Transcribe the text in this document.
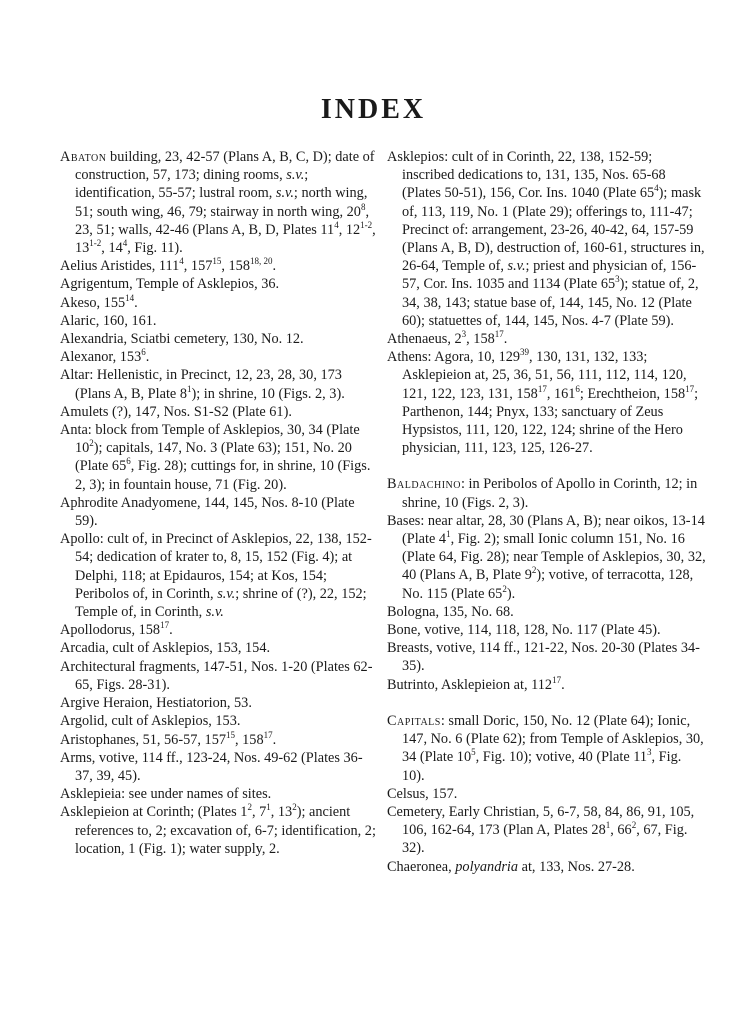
INDEX

Abaton building, 23, 42-57 (Plans A, B, C, D); date of construction, 57, 173; dining rooms, s.v.; identification, 55-57; lustral room, s.v.; north wing, 51; south wing, 46, 79; stairway in north wing, $20^8$, 23, 51; walls, 42-46 (Plans A, B, D, Plates $11^4$, 12$^{1-2}$, 13$^{1-2}$, $14^4$, Fig. 11).

Aelius Aristides, $111^4$, $157^{15}$, 158$^{18, 20}$.

Agrigentum, Temple of Asklepios, 36.

Akeso, $155^{14}$.

Alaric, 160, 161.

Alexandria, Sciatbi cemetery, 130, No. 12.

Alexanor, $153^6$.

Altar: Hellenistic, in Precinct, 12, 23, 28, 30, 173 (Plans A, B, Plate $8^1$); in shrine, 10 (Figs. 2, 3).

Amulets (?), 147, Nos. S1-S2 (Plate 61).

Anta: block from Temple of Asklepios, 30, 34 (Plate $10^2$); capitals, 147, No. 3 (Plate 63); 151, No. 20 (Plate $65^6$, Fig. 28); cuttings for, in shrine, 10 (Figs. 2, 3); in fountain house, 71 (Fig. 20).

Aphrodite Anadyomene, 144, 145, Nos. 8-10 (Plate 59).

Apollo: cult of, in Precinct of Asklepios, 22, 138, 152-54; dedication of krater to, 8, 15, 152 (Fig. 4); at Delphi, 118; at Epidauros, 154; at Kos, 154; Peribolos of, in Corinth, s.v.; shrine of (?), 22, 152; Temple of, in Corinth, s.v.

Apollodorus, $158^{17}$.

Arcadia, cult of Asklepios, 153, 154.

Architectural fragments, 147-51, Nos. 1-20 (Plates 62-65, Figs. 28-31).

Argive Heraion, Hestiatorion, 53.

Argolid, cult of Asklepios, 153.

Aristophanes, 51, 56-57, $157^{15}$, $158^{17}$.

Arms, votive, 114 ff., 123-24, Nos. 49-62 (Plates 36-37, 39, 45).

Asklepieia: see under names of sites.

Asklepieion at Corinth; (Plates $1^2$, $7^1$, $13^2$); ancient references to, 2; excavation of, 6-7; identification, 2; location, 1 (Fig. 1); water supply, 2.

Asklepios: cult of in Corinth, 22, 138, 152-59; inscribed dedications to, 131, 135, Nos. 65-68 (Plates 50-51), 156, Cor. Ins. 1040 (Plate $65^4$); mask of, 113, 119, No. 1 (Plate 29); offerings to, 111-47; Precinct of: arrangement, 23-26, 40-42, 64, 157-59 (Plans A, B, D), destruction of, 160-61, structures in, 26-64, Temple of, s.v.; priest and physician of, 156-57, Cor. Ins. 1035 and 1134 (Plate $65^3$); statue of, 2, 34, 38, 143; statue base of, 144, 145, No. 12 (Plate 60); statuettes of, 144, 145, Nos. 4-7 (Plate 59).

Athenaeus, $2^3$, $158^{17}$.

Athens: Agora, 10, $129^{39}$, 130, 131, 132, 133; Asklepieion at, 25, 36, 51, 56, 111, 112, 114, 120, 121, 122, 123, 131, $158^{17}$, $161^6$; Erechtheion, $158^{17}$; Parthenon, 144; Pnyx, 133; sanctuary of Zeus Hypsistos, 111, 120, 122, 124; shrine of the Hero physician, 111, 123, 125, 126-27.

Baldachino: in Peribolos of Apollo in Corinth, 12; in shrine, 10 (Figs. 2, 3).

Bases: near altar, 28, 30 (Plans A, B); near oikos, 13-14 (Plate $4^1$, Fig. 2); small Ionic column 151, No. 16 (Plate 64, Fig. 28); near Temple of Asklepios, 30, 32, 40 (Plans A, B, Plate $9^2$); votive, of terracotta, 128, No. 115 (Plate $65^2$).

Bologna, 135, No. 68.

Bone, votive, 114, 118, 128, No. 117 (Plate 45).

Breasts, votive, 114 ff., 121-22, Nos. 20-30 (Plates 34-35).

Butrinto, Asklepieion at, $112^{17}$.

Capitals: small Doric, 150, No. 12 (Plate 64); Ionic, 147, No. 6 (Plate 62); from Temple of Asklepios, 30, 34 (Plate $10^5$, Fig. 10); votive, 40 (Plate $11^3$, Fig. 10).

Celsus, 157.

Cemetery, Early Christian, 5, 6-7, 58, 84, 86, 91, 105, 106, 162-64, 173 (Plan A, Plates $28^1$, $66^2$, 67, Fig. 32).

Chaeronea, polyandria at, 133, Nos. 27-28.
